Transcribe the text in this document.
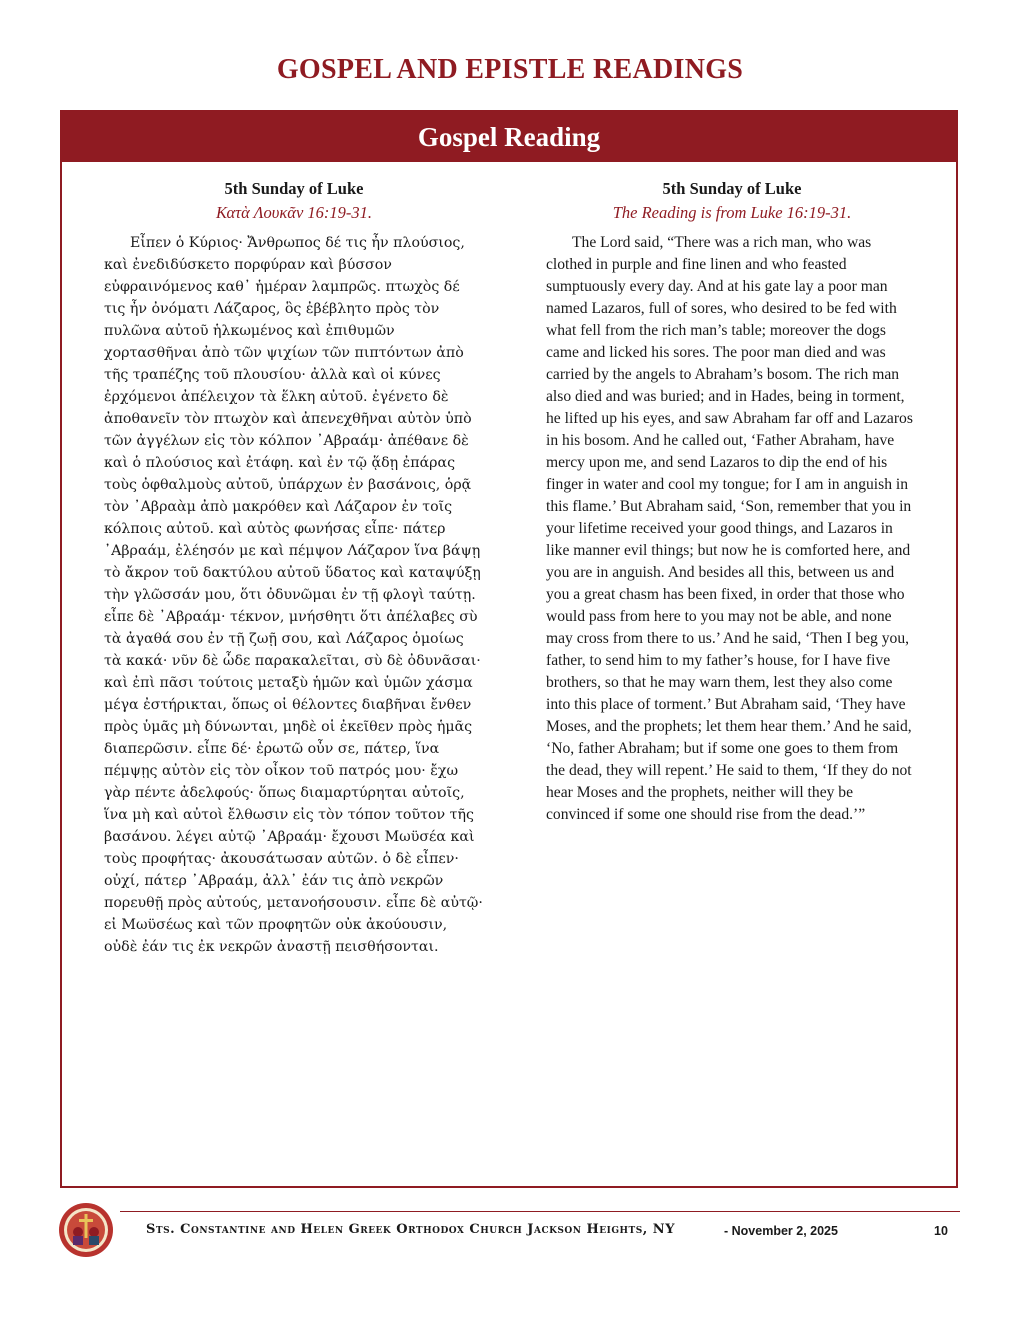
GOSPEL AND EPISTLE READINGS
Gospel Reading
5th Sunday of Luke
Κατὰ Λουκᾶν 16:19-31.

Εἶπεν ὁ Κύριος· Ἄνθρωπος δέ τις ἦν πλούσιος, καὶ ἐνεδιδύσκετο πορφύραν καὶ βύσσον εὐφραινόμενος καθ᾿ ἡμέραν λαμπρῶς. πτωχὸς δέ τις ἦν ὀνόματι Λάζαρος, ὃς ἐβέβλητο πρὸς τὸν πυλῶνα αὐτοῦ ἡλκωμένος καὶ ἐπιθυμῶν χορτασθῆναι ἀπὸ τῶν ψιχίων τῶν πιπτόντων ἀπὸ τῆς τραπέζης τοῦ πλουσίου· ἀλλὰ καὶ οἱ κύνες ἐρχόμενοι ἀπέλειχον τὰ ἕλκη αὐτοῦ. ἐγένετο δὲ ἀποθανεῖν τὸν πτωχὸν καὶ ἀπενεχθῆναι αὐτὸν ὑπὸ τῶν ἀγγέλων εἰς τὸν κόλπον ᾿Αβραάμ· ἀπέθανε δὲ καὶ ὁ πλούσιος καὶ ἐτάφη. καὶ ἐν τῷ ᾅδῃ ἐπάρας τοὺς ὀφθαλμοὺς αὐτοῦ, ὑπάρχων ἐν βασάνοις, ὁρᾷ τὸν ᾿Αβραὰμ ἀπὸ μακρόθεν καὶ Λάζαρον ἐν τοῖς κόλποις αὐτοῦ. καὶ αὐτὸς φωνήσας εἶπε· πάτερ ᾿Αβραάμ, ἐλέησόν με καὶ πέμψον Λάζαρον ἵνα βάψῃ τὸ ἄκρον τοῦ δακτύλου αὐτοῦ ὕδατος καὶ καταψύξῃ τὴν γλῶσσάν μου, ὅτι ὀδυνῶμαι ἐν τῇ φλογὶ ταύτῃ. εἶπε δὲ ᾿Αβραάμ· τέκνον, μνήσθητι ὅτι ἀπέλαβες σὺ τὰ ἀγαθά σου ἐν τῇ ζωῇ σου, καὶ Λάζαρος ὁμοίως τὰ κακά· νῦν δὲ ὧδε παρακαλεῖται, σὺ δὲ ὀδυνᾶσαι· καὶ ἐπὶ πᾶσι τούτοις μεταξὺ ἡμῶν καὶ ὑμῶν χάσμα μέγα ἐστήρικται, ὅπως οἱ θέλοντες διαβῆναι ἔνθεν πρὸς ὑμᾶς μὴ δύνωνται, μηδὲ οἱ ἐκεῖθεν πρὸς ἡμᾶς διαπερῶσιν. εἶπε δέ· ἐρωτῶ οὖν σε, πάτερ, ἵνα πέμψῃς αὐτὸν εἰς τὸν οἶκον τοῦ πατρός μου· ἔχω γὰρ πέντε ἀδελφούς· ὅπως διαμαρτύρηται αὐτοῖς, ἵνα μὴ καὶ αὐτοὶ ἔλθωσιν εἰς τὸν τόπον τοῦτον τῆς βασάνου. λέγει αὐτῷ ᾿Αβραάμ· ἔχουσι Μωϋσέα καὶ τοὺς προφήτας· ἀκουσάτωσαν αὐτῶν. ὁ δὲ εἶπεν· οὐχί, πάτερ ᾿Αβραάμ, ἀλλ᾿ ἐάν τις ἀπὸ νεκρῶν πορευθῇ πρὸς αὐτούς, μετανοήσουσιν. εἶπε δὲ αὐτῷ· εἰ Μωϋσέως καὶ τῶν προφητῶν οὐκ ἀκούουσιν, οὐδὲ ἐάν τις ἐκ νεκρῶν ἀναστῇ πεισθήσονται.

5th Sunday of Luke
The Reading is from Luke 16:19-31.

The Lord said, “There was a rich man, who was clothed in purple and fine linen and who feasted sumptuously every day. And at his gate lay a poor man named Lazaros, full of sores, who desired to be fed with what fell from the rich man’s table; moreover the dogs came and licked his sores. The poor man died and was carried by the angels to Abraham’s bosom. The rich man also died and was buried; and in Hades, being in torment, he lifted up his eyes, and saw Abraham far off and Lazaros in his bosom. And he called out, ‘Father Abraham, have mercy upon me, and send Lazaros to dip the end of his finger in water and cool my tongue; for I am in anguish in this flame.’ But Abraham said, ‘Son, remember that you in your lifetime received your good things, and Lazaros in like manner evil things; but now he is comforted here, and you are in anguish. And besides all this, between us and you a great chasm has been fixed, in order that those who would pass from here to you may not be able, and none may cross from there to us.’ And he said, ‘Then I beg you, father, to send him to my father’s house, for I have five brothers, so that he may warn them, lest they also come into this place of torment.’ But Abraham said, ‘They have Moses, and the prophets; let them hear them.’ And he said, ‘No, father Abraham; but if some one goes to them from the dead, they will repent.’ He said to them, ‘If they do not hear Moses and the prophets, neither will they be convinced if some one should rise from the dead.’”

Sts. Constantine and Helen Greek Orthodox Church Jackson Heights, NY	- November 2, 2025	10
